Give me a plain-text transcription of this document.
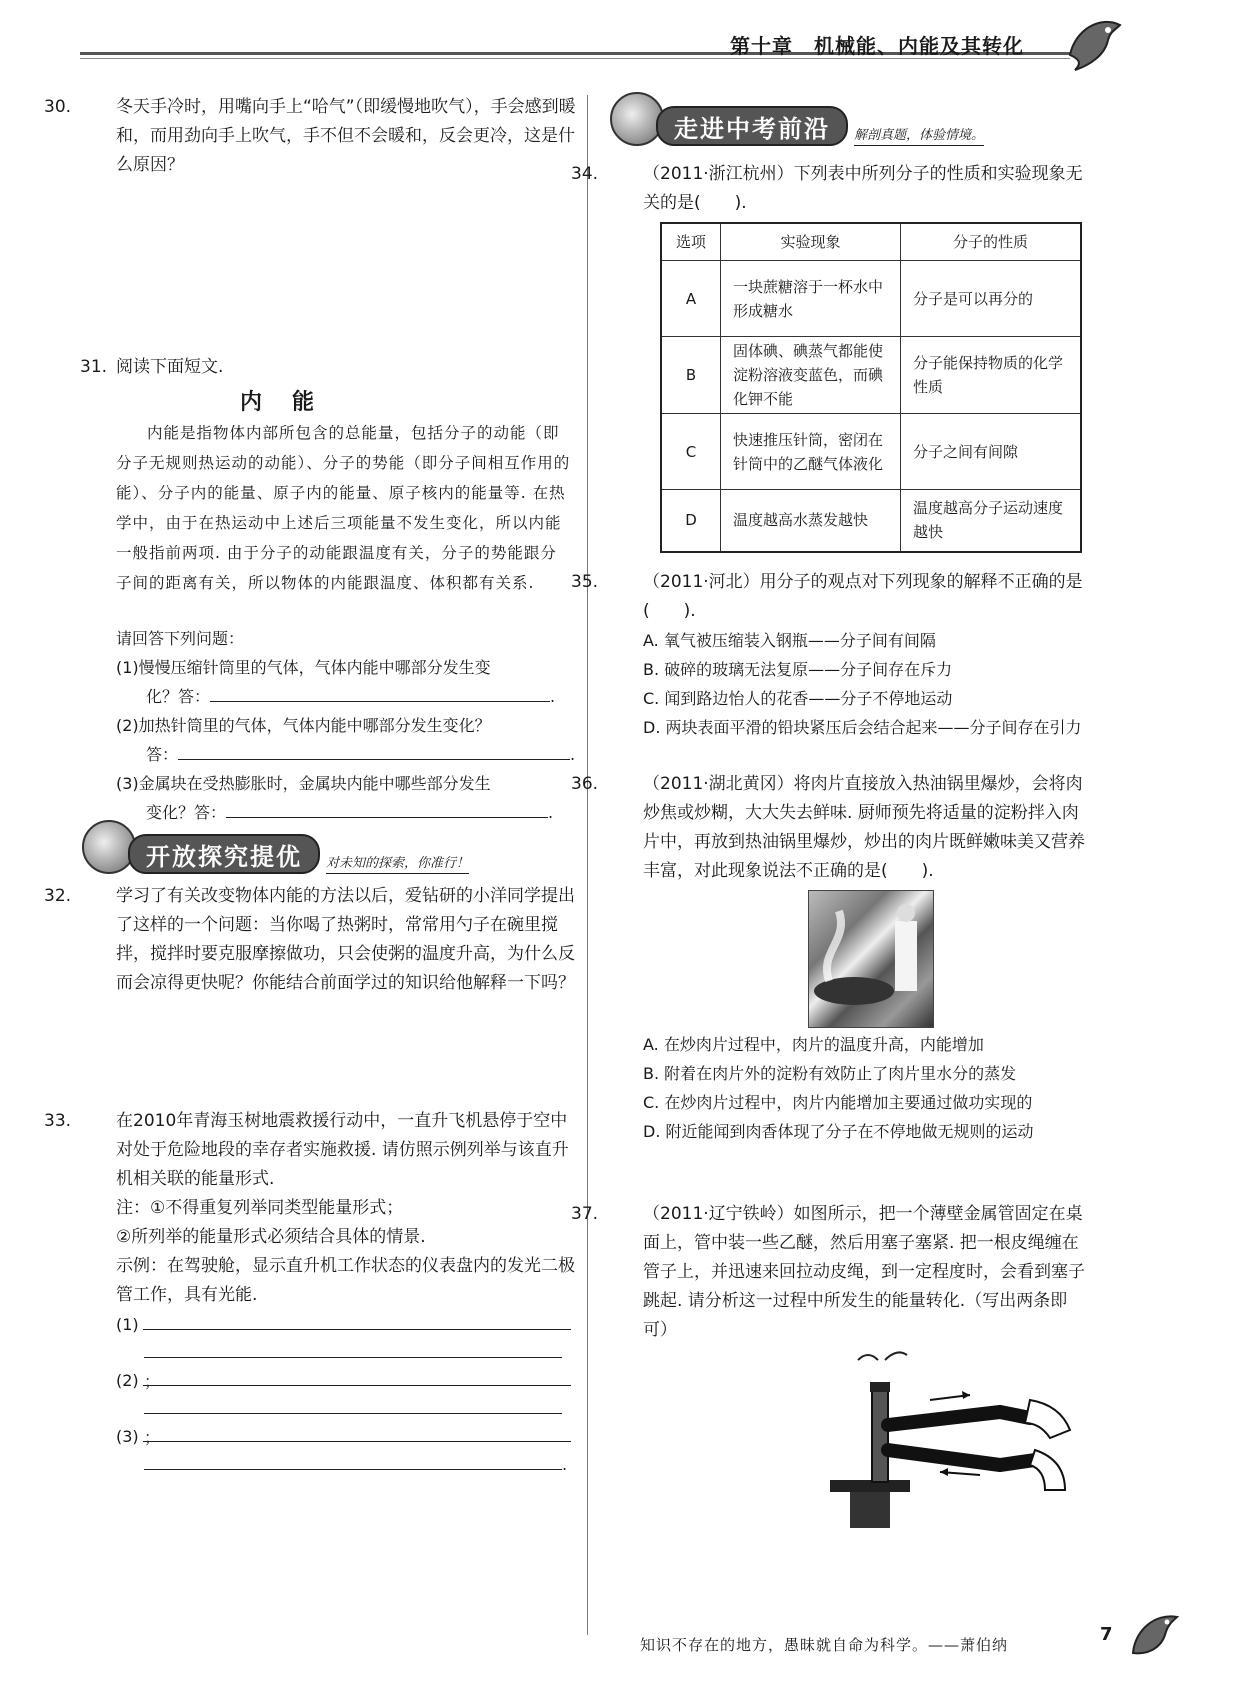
第十章　机械能、内能及其转化
30.	冬天手冷时，用嘴向手上“哈气”（即缓慢地吹气），手会感到暖和，而用劲向手上吹气，手不但不会暖和，反会更冷，这是什么原因？
31. 阅读下面短文.
内能
内能是指物体内部所包含的总能量，包括分子的动能（即分子无规则热运动的动能）、分子的势能（即分子间相互作用的能）、分子内的能量、原子内的能量、原子核内的能量等. 在热学中，由于在热运动中上述后三项能量不发生变化，所以内能一般指前两项. 由于分子的动能跟温度有关，分子的势能跟分子间的距离有关，所以物体的内能跟温度、体积都有关系.
请回答下列问题：
(1)慢慢压缩针筒里的气体，气体内能中哪部分发生变
化？答：	.
(2)加热针筒里的气体，气体内能中哪部分发生变化？
答：	.
(3)金属块在受热膨胀时，金属块内能中哪些部分发生
变化？答：	.
开放探究提优	对未知的探索，你准行！
32.	学习了有关改变物体内能的方法以后，爱钻研的小洋同学提出了这样的一个问题：当你喝了热粥时，常常用勺子在碗里搅拌，搅拌时要克服摩擦做功，只会使粥的温度升高，为什么反而会凉得更快呢？你能结合前面学过的知识给他解释一下吗？
33.	在2010年青海玉树地震救援行动中，一直升飞机悬停于空中对处于危险地段的幸存者实施救援. 请仿照示例列举与该直升机相关联的能量形式.
注：①不得重复列举同类型能量形式；
②所列举的能量形式必须结合具体的情景.
示例：在驾驶舱，显示直升机工作状态的仪表盘内的发光二极管工作，具有光能.
(1)
；
(2)
；
(3)
.
走进中考前沿	解剖真题，体验情境。
34.	（2011·浙江杭州）下列表中所列分子的性质和实验现象无关的是(　　).
选项	实验现象	分子的性质
A	一块蔗糖溶于一杯水中形成糖水	分子是可以再分的
B	固体碘、碘蒸气都能使淀粉溶液变蓝色，而碘化钾不能	分子能保持物质的化学性质
C	快速推压针筒，密闭在针筒中的乙醚气体液化	分子之间有间隙
D	温度越高水蒸发越快	温度越高分子运动速度越快
35.	（2011·河北）用分子的观点对下列现象的解释不正确的是(　　).
A. 氧气被压缩装入钢瓶——分子间有间隔
B. 破碎的玻璃无法复原——分子间存在斥力
C. 闻到路边怡人的花香——分子不停地运动
D. 两块表面平滑的铅块紧压后会结合起来——分子间存在引力
36.	（2011·湖北黄冈）将肉片直接放入热油锅里爆炒，会将肉炒焦或炒糊，大大失去鲜味. 厨师预先将适量的淀粉拌入肉片中，再放到热油锅里爆炒，炒出的肉片既鲜嫩味美又营养丰富，对此现象说法不正确的是(　　).
A. 在炒肉片过程中，肉片的温度升高，内能增加
B. 附着在肉片外的淀粉有效防止了肉片里水分的蒸发
C. 在炒肉片过程中，肉片内能增加主要通过做功实现的
D. 附近能闻到肉香体现了分子在不停地做无规则的运动
37.	（2011·辽宁铁岭）如图所示，把一个薄壁金属管固定在桌面上，管中装一些乙醚，然后用塞子塞紧. 把一根皮绳缠在管子上，并迅速来回拉动皮绳，到一定程度时，会看到塞子跳起. 请分析这一过程中所发生的能量转化.（写出两条即可）
知识不存在的地方，愚昧就自命为科学。——萧伯纳	7
